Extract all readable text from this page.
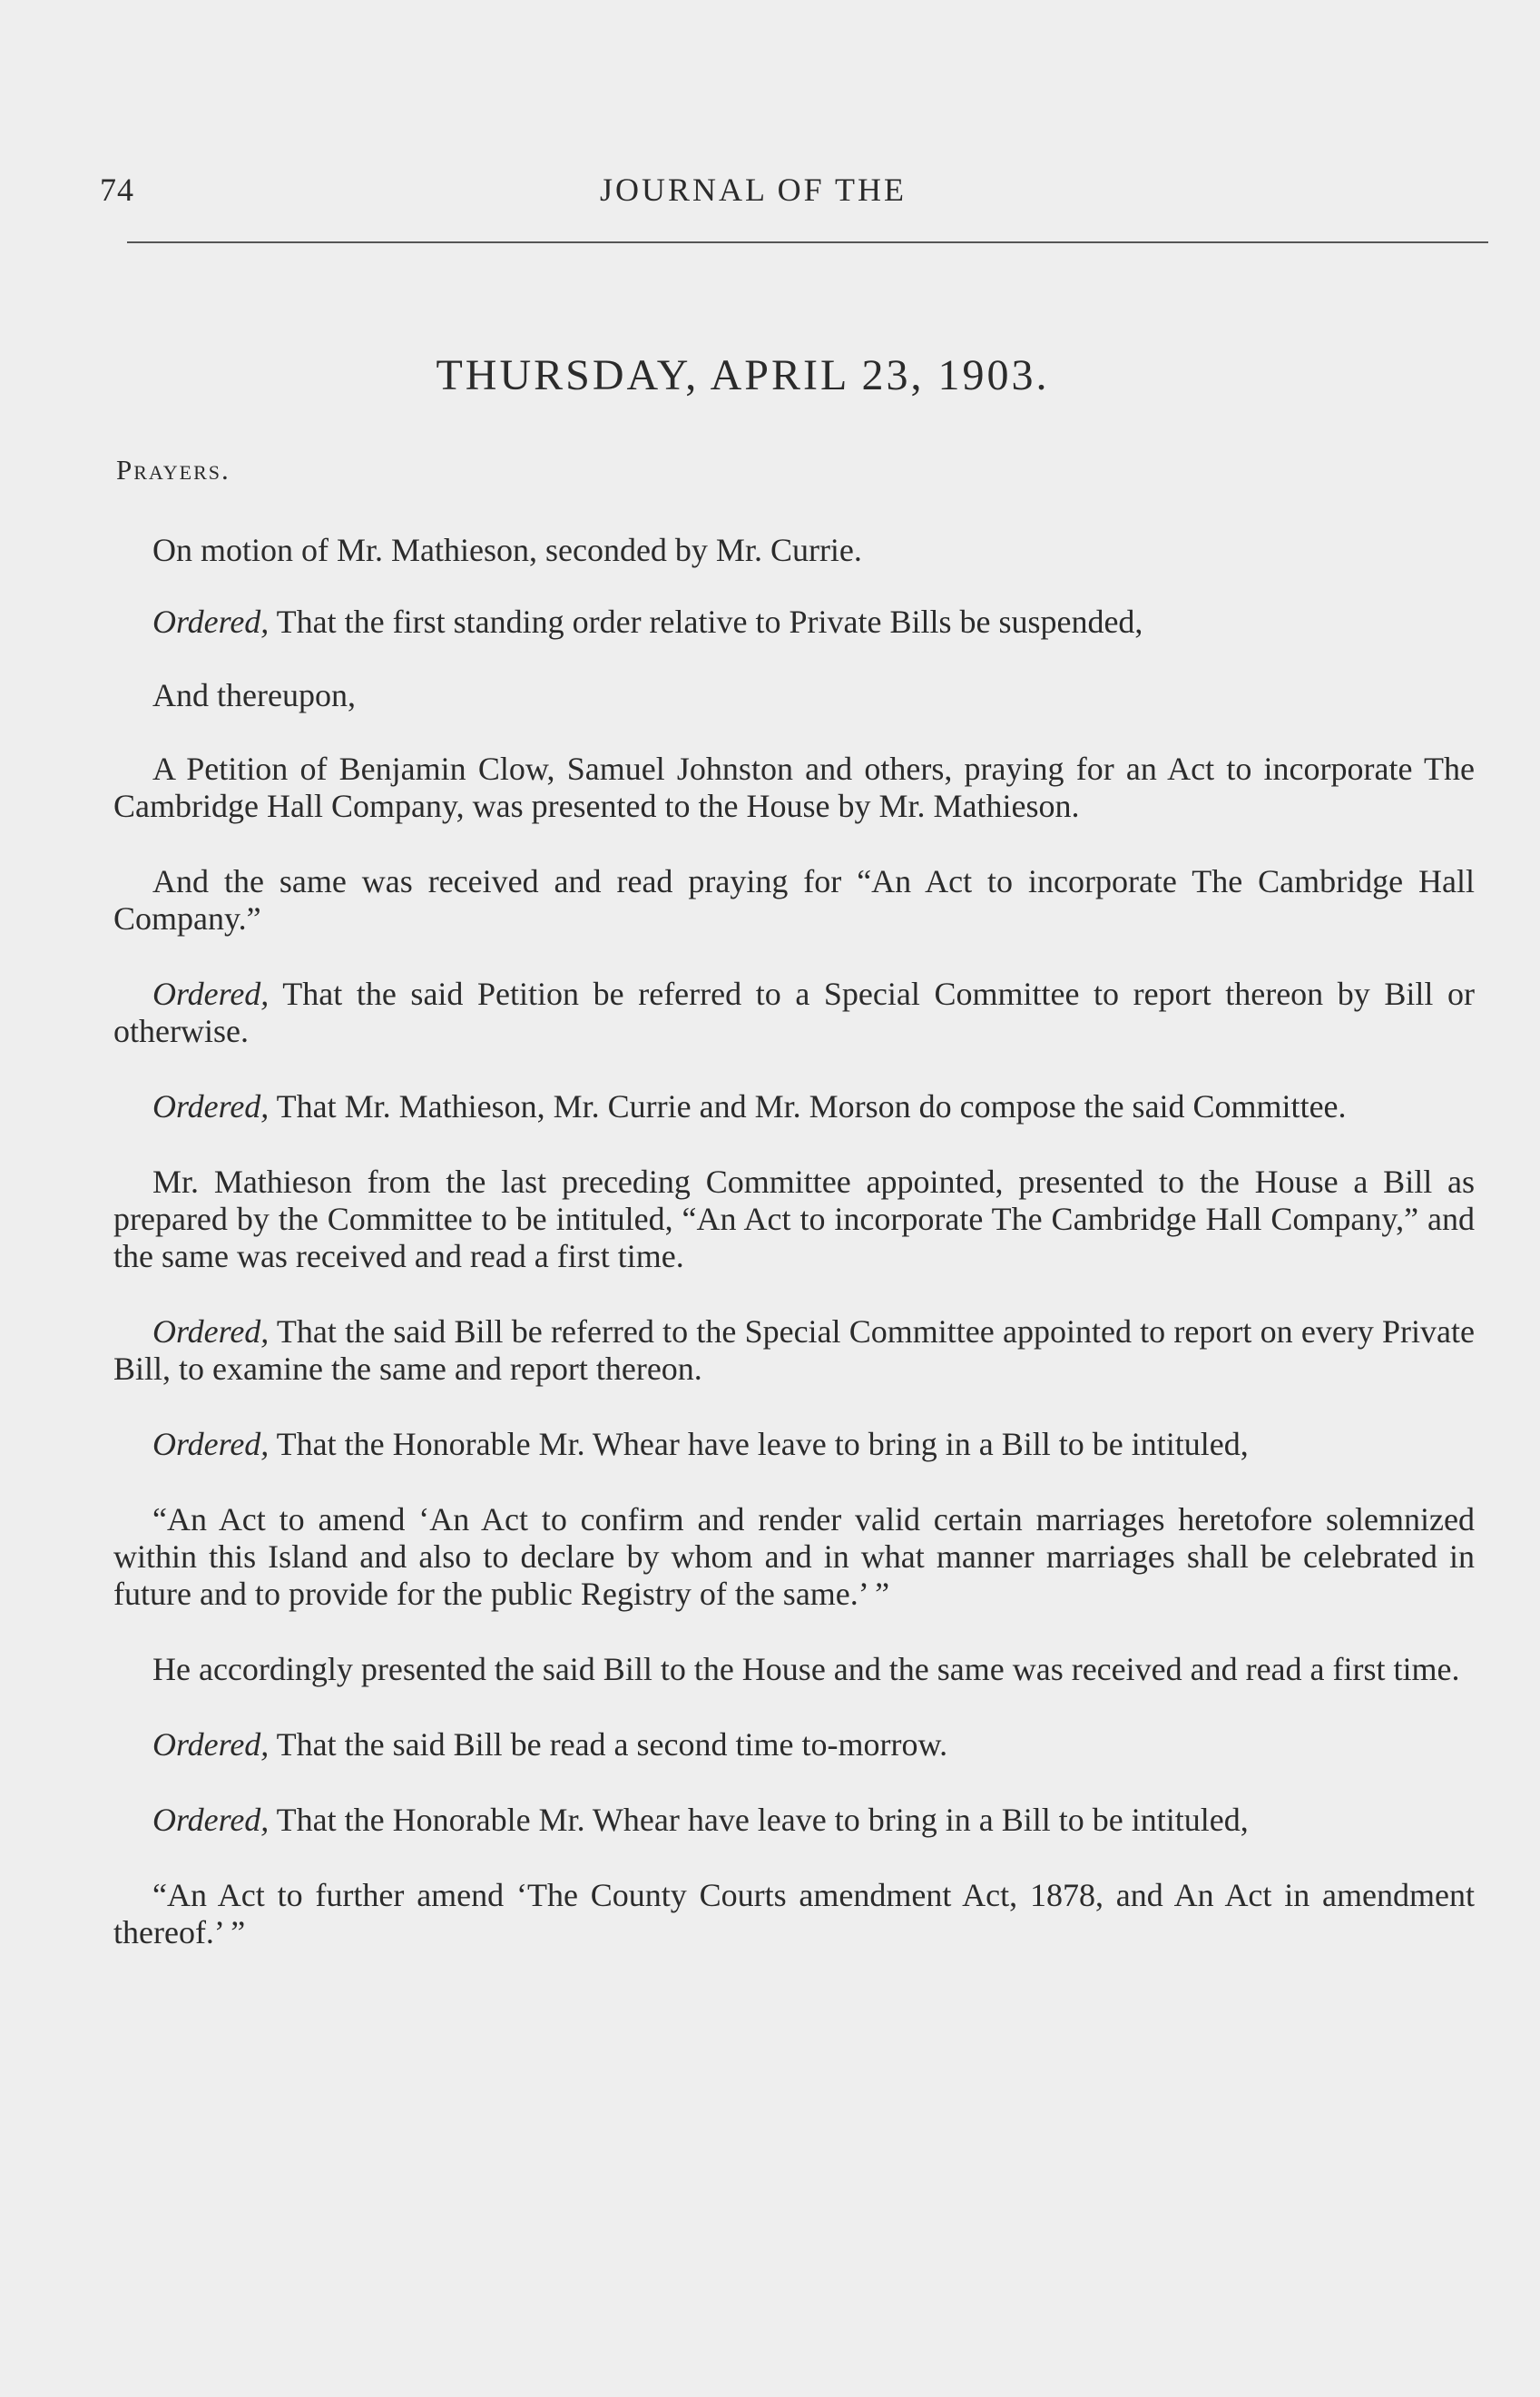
74	JOURNAL OF THE
THURSDAY, APRIL 23, 1903.
Prayers.

On motion of Mr. Mathieson, seconded by Mr. Currie.

Ordered, That the first standing order relative to Private Bills be suspended,

And thereupon,

A Petition of Benjamin Clow, Samuel Johnston and others, praying for an Act to incorporate The Cambridge Hall Company, was presented to the House by Mr. Mathieson.

And the same was received and read praying for “An Act to incorporate The Cambridge Hall Company.”

Ordered, That the said Petition be referred to a Special Committee to report thereon by Bill or otherwise.

Ordered, That Mr. Mathieson, Mr. Currie and Mr. Morson do compose the said Committee.

Mr. Mathieson from the last preceding Committee appointed, presented to the House a Bill as prepared by the Committee to be intituled, “An Act to incorporate The Cambridge Hall Company,” and the same was received and read a first time.

Ordered, That the said Bill be referred to the Special Committee appointed to report on every Private Bill, to examine the same and report thereon.

Ordered, That the Honorable Mr. Whear have leave to bring in a Bill to be intituled,

“An Act to amend ‘An Act to confirm and render valid certain marriages heretofore solemnized within this Island and also to declare by whom and in what manner marriages shall be celebrated in future and to provide for the public Registry of the same.’ ”

He accordingly presented the said Bill to the House and the same was received and read a first time.

Ordered, That the said Bill be read a second time to-morrow.

Ordered, That the Honorable Mr. Whear have leave to bring in a Bill to be intituled,

“An Act to further amend ‘The County Courts amendment Act, 1878, and An Act in amendment thereof.’ ”
